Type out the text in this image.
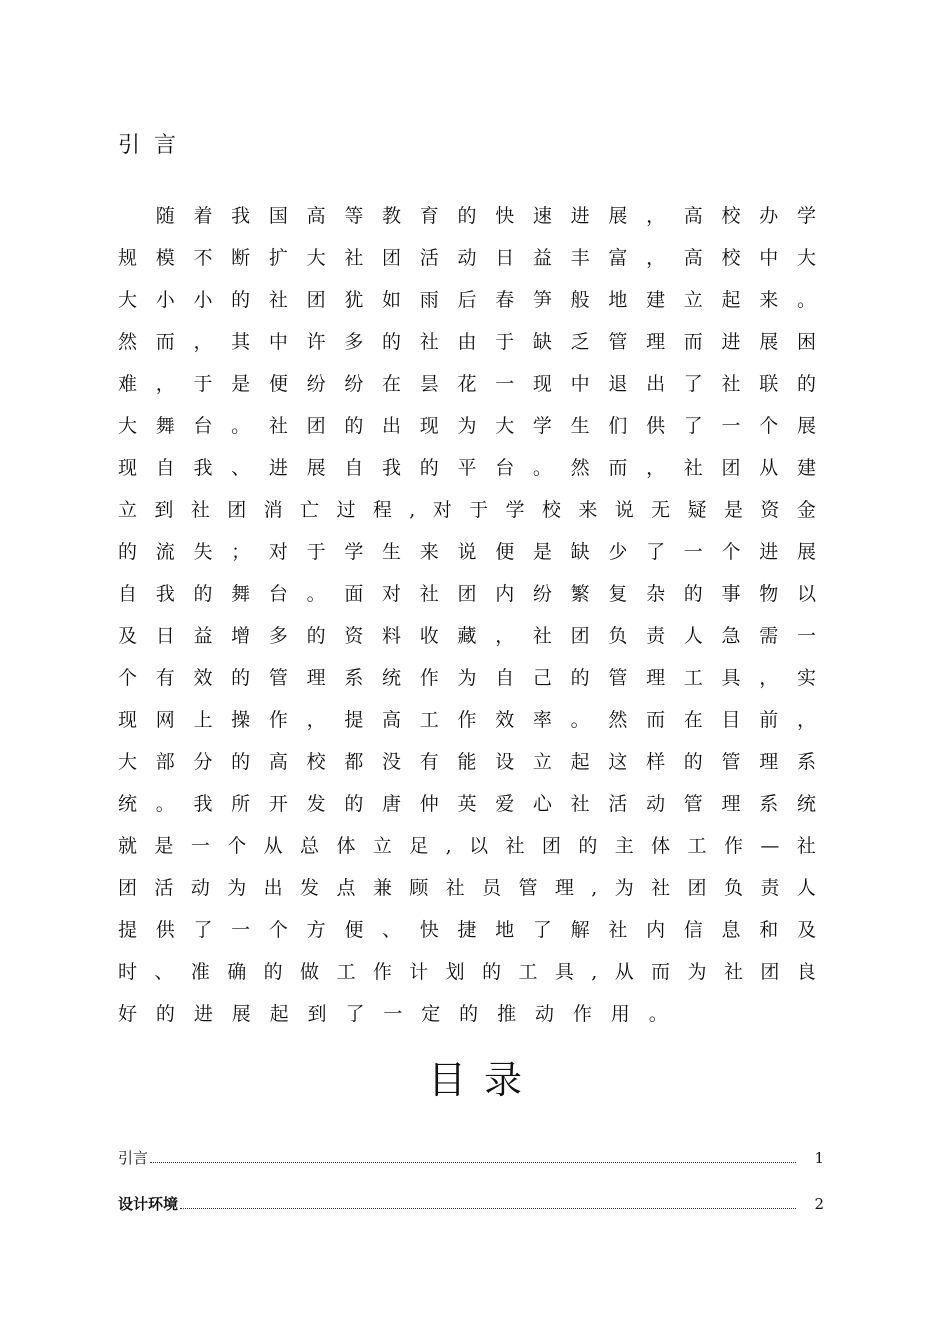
引言

随 着 我 国 高 等 教 育 的 快 速 进 展 ， 高 校 办 学
规 模 不 断 扩 大 社 团 活 动 日 益 丰 富 ， 高 校 中 大
大 小 小 的 社 团 犹 如 雨 后 春 笋 般 地 建 立 起 来 。
然 而 ， 其 中 许 多 的 社 由 于 缺 乏 管 理 而 进 展 困
难 ， 于 是 便 纷 纷 在 昙 花 一 现 中 退 出 了 社 联 的
大 舞 台 。 社 团 的 出 现 为 大 学 生 们 供 了 一 个 展
现 自 我 、 进 展 自 我 的 平 台 。 然 而 ， 社 团 从 建
立 到 社 团 消 亡 过 程 , 对 于 学 校 来 说 无 疑 是 资 金
的 流 失 ； 对 于 学 生 来 说 便 是 缺 少 了 一 个 进 展
自 我 的 舞 台 。 面 对 社 团 内 纷 繁 复 杂 的 事 物 以
及 日 益 增 多 的 资 料 收 藏 ， 社 团 负 责 人 急 需 一
个 有 效 的 管 理 系 统 作 为 自 己 的 管 理 工 具 ， 实
现 网 上 操 作 ， 提 高 工 作 效 率 。 然 而 在 目 前 ，
大 部 分 的 高 校 都 没 有 能 设 立 起 这 样 的 管 理 系
统 。 我 所 开 发 的 唐 仲 英 爱 心 社 活 动 管 理 系 统
就 是 一 个 从 总 体 立 足 , 以 社 团 的 主 体 工 作 — 社
团 活 动 为 出 发 点 兼 顾 社 员 管 理 , 为 社 团 负 责 人
提 供 了 一 个 方 便 、 快 捷 地 了 解 社 内 信 息 和 及
时 、 准 确 的 做 工 作 计 划 的 工 具 , 从 而 为 社 团 良
好 的 进 展 起 到 了 一 定 的 推 动 作 用 。
目录
引言	1
设计环境	2
